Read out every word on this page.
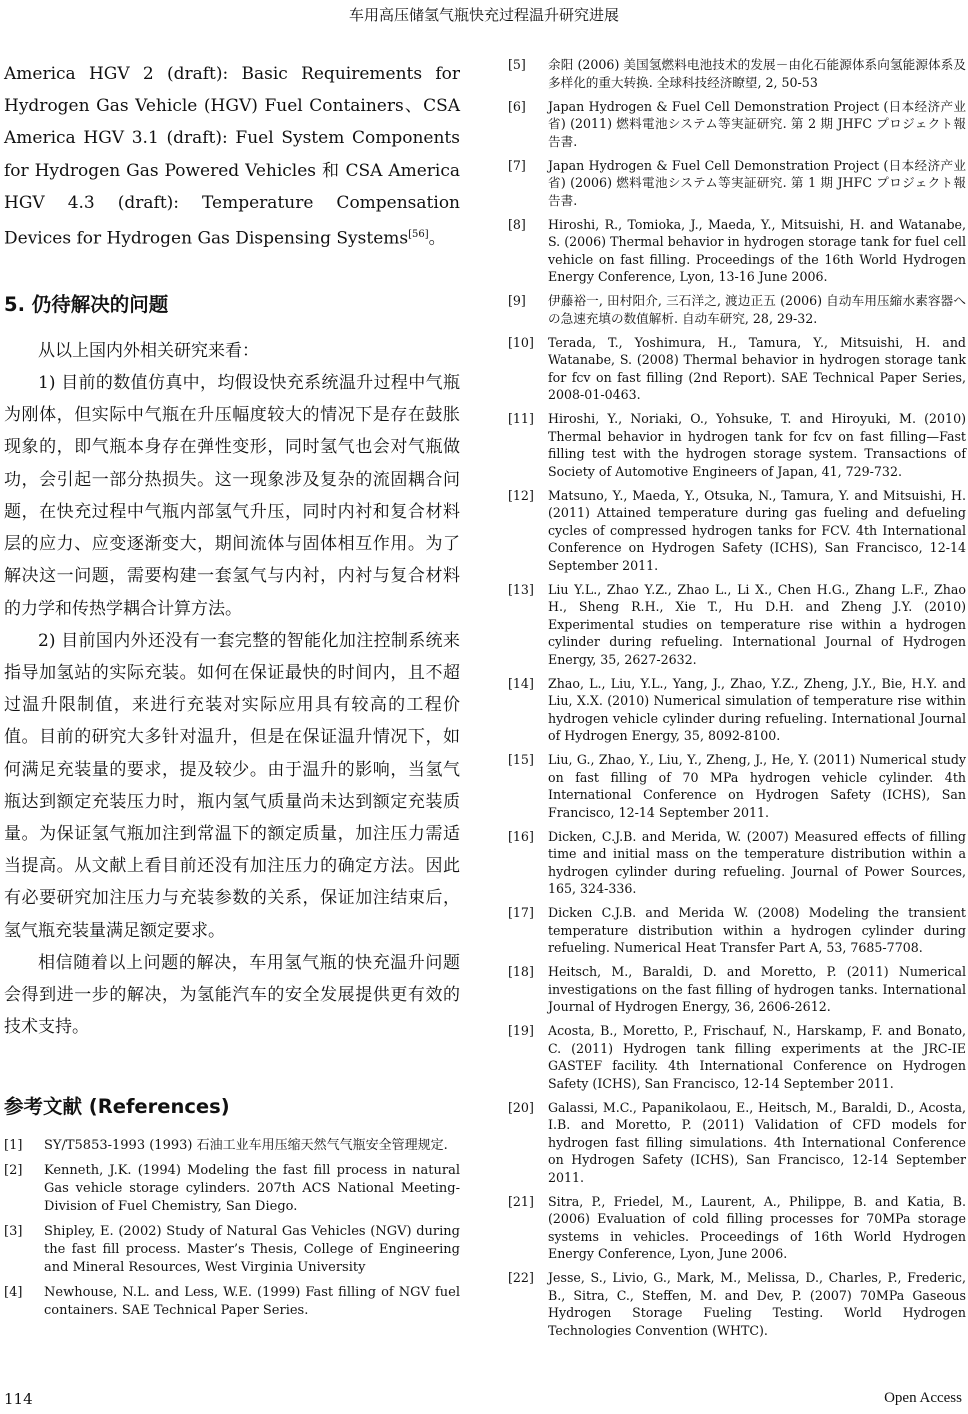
车用高压储氢气瓶快充过程温升研究进展

America HGV 2 (draft): Basic Requirements for Hydrogen Gas Vehicle (HGV) Fuel Containers、CSA America HGV 3.1 (draft): Fuel System Components for Hydrogen Gas Powered Vehicles 和 CSA America HGV 4.3 (draft): Temperature Compensation Devices for Hydrogen Gas Dispensing Systems[56]。

5. 仍待解决的问题

从以上国内外相关研究来看：

1) 目前的数值仿真中，均假设快充系统温升过程中气瓶为刚体，但实际中气瓶在升压幅度较大的情况下是存在鼓胀现象的，即气瓶本身存在弹性变形，同时氢气也会对气瓶做功，会引起一部分热损失。这一现象涉及复杂的流固耦合问题，在快充过程中气瓶内部氢气升压，同时内衬和复合材料层的应力、应变逐渐变大，期间流体与固体相互作用。为了解决这一问题，需要构建一套氢气与内衬，内衬与复合材料的力学和传热学耦合计算方法。

2) 目前国内外还没有一套完整的智能化加注控制系统来指导加氢站的实际充装。如何在保证最快的时间内，且不超过温升限制值，来进行充装对实际应用具有较高的工程价值。目前的研究大多针对温升，但是在保证温升情况下，如何满足充装量的要求，提及较少。由于温升的影响，当氢气瓶达到额定充装压力时，瓶内氢气质量尚未达到额定充装质量。为保证氢气瓶加注到常温下的额定质量，加注压力需适当提高。从文献上看目前还没有加注压力的确定方法。因此有必要研究加注压力与充装参数的关系，保证加注结束后，氢气瓶充装量满足额定要求。

相信随着以上问题的解决，车用氢气瓶的快充温升问题会得到进一步的解决，为氢能汽车的安全发展提供更有效的技术支持。

参考文献 (References)
[1]	SY/T5853-1993 (1993) 石油工业车用压缩天然气气瓶安全管理规定.
[2]	Kenneth, J.K. (1994) Modeling the fast fill process in natural Gas vehicle storage cylinders. 207th ACS National Meeting-Division of Fuel Chemistry, San Diego.
[3]	Shipley, E. (2002) Study of Natural Gas Vehicles (NGV) during the fast fill process. Master’s Thesis, College of Engineering and Mineral Resources, West Virginia University
[4]	Newhouse, N.L. and Less, W.E. (1999) Fast filling of NGV fuel containers. SAE Technical Paper Series.
[5]	余阳 (2006) 美国氢燃料电池技术的发展－由化石能源体系向氢能源体系及多样化的重大转换. 全球科技经济瞭望, 2, 50-53
[6]	Japan Hydrogen & Fuel Cell Demonstration Project (日本经济产业省) (2011) 燃料電池システム等実証研究. 第 2 期 JHFC プロジェクト報告書.
[7]	Japan Hydrogen & Fuel Cell Demonstration Project (日本经济产业省) (2006) 燃料電池システム等実証研究. 第 1 期 JHFC プロジェクト報告書.
[8]	Hiroshi, R., Tomioka, J., Maeda, Y., Mitsuishi, H. and Watanabe, S. (2006) Thermal behavior in hydrogen storage tank for fuel cell vehicle on fast filling. Proceedings of the 16th World Hydrogen Energy Conference, Lyon, 13-16 June 2006.
[9]	伊藤裕一, 田村阳介, 三石洋之, 渡边正五 (2006) 自动车用压縮水素容器への急速充填の数值解析. 自动车研究, 28, 29-32.
[10]	Terada, T., Yoshimura, H., Tamura, Y., Mitsuishi, H. and Watanabe, S. (2008) Thermal behavior in hydrogen storage tank for fcv on fast filling (2nd Report). SAE Technical Paper Series, 2008-01-0463.
[11]	Hiroshi, Y., Noriaki, O., Yohsuke, T. and Hiroyuki, M. (2010) Thermal behavior in hydrogen tank for fcv on fast filling—Fast filling test with the hydrogen storage system. Transactions of Society of Automotive Engineers of Japan, 41, 729-732.
[12]	Matsuno, Y., Maeda, Y., Otsuka, N., Tamura, Y. and Mitsuishi, H. (2011) Attained temperature during gas fueling and defueling cycles of compressed hydrogen tanks for FCV. 4th International Conference on Hydrogen Safety (ICHS), San Francisco, 12-14 September 2011.
[13]	Liu Y.L., Zhao Y.Z., Zhao L., Li X., Chen H.G., Zhang L.F., Zhao H., Sheng R.H., Xie T., Hu D.H. and Zheng J.Y. (2010) Experimental studies on temperature rise within a hydrogen cylinder during refueling. International Journal of Hydrogen Energy, 35, 2627-2632.
[14]	Zhao, L., Liu, Y.L., Yang, J., Zhao, Y.Z., Zheng, J.Y., Bie, H.Y. and Liu, X.X. (2010) Numerical simulation of temperature rise within hydrogen vehicle cylinder during refueling. International Journal of Hydrogen Energy, 35, 8092-8100.
[15]	Liu, G., Zhao, Y., Liu, Y., Zheng, J., He, Y. (2011) Numerical study on fast filling of 70 MPa hydrogen vehicle cylinder. 4th International Conference on Hydrogen Safety (ICHS), San Francisco, 12-14 September 2011.
[16]	Dicken, C.J.B. and Merida, W. (2007) Measured effects of filling time and initial mass on the temperature distribution within a hydrogen cylinder during refueling. Journal of Power Sources, 165, 324-336.
[17]	Dicken C.J.B. and Merida W. (2008) Modeling the transient temperature distribution within a hydrogen cylinder during refueling. Numerical Heat Transfer Part A, 53, 7685-7708.
[18]	Heitsch, M., Baraldi, D. and Moretto, P. (2011) Numerical investigations on the fast filling of hydrogen tanks. International Journal of Hydrogen Energy, 36, 2606-2612.
[19]	Acosta, B., Moretto, P., Frischauf, N., Harskamp, F. and Bonato, C. (2011) Hydrogen tank filling experiments at the JRC-IE GASTEF facility. 4th International Conference on Hydrogen Safety (ICHS), San Francisco, 12-14 September 2011.
[20]	Galassi, M.C., Papanikolaou, E., Heitsch, M., Baraldi, D., Acosta, I.B. and Moretto, P. (2011) Validation of CFD models for hydrogen fast filling simulations. 4th International Conference on Hydrogen Safety (ICHS), San Francisco, 12-14 September 2011.
[21]	Sitra, P., Friedel, M., Laurent, A., Philippe, B. and Katia, B. (2006) Evaluation of cold filling processes for 70MPa storage systems in vehicles. Proceedings of 16th World Hydrogen Energy Conference, Lyon, June 2006.
[22]	Jesse, S., Livio, G., Mark, M., Melissa, D., Charles, P., Frederic, B., Sitra, C., Steffen, M. and Dev, P. (2007) 70MPa Gaseous Hydrogen Storage Fueling Testing. World Hydrogen Technologies Convention (WHTC).
114	Open Access
